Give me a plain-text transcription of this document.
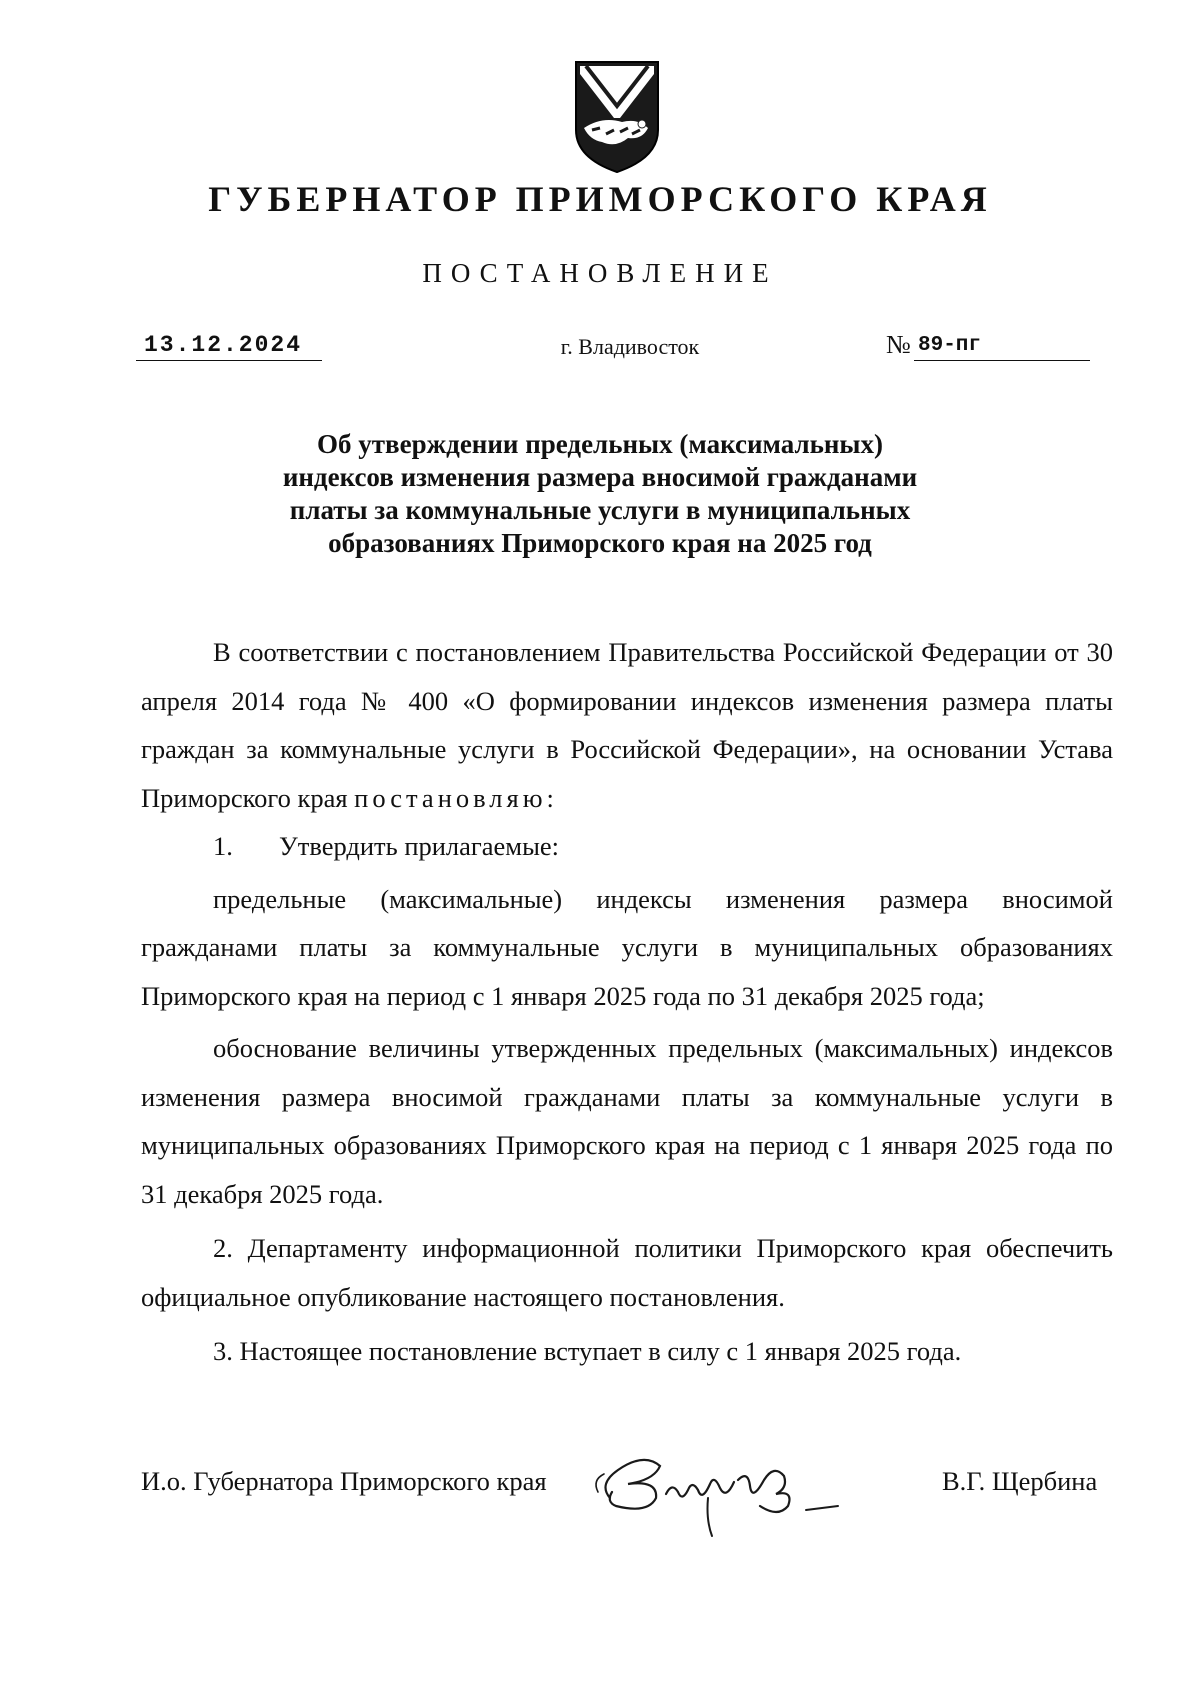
ГУБЕРНАТОР ПРИМОРСКОГО КРАЯ
ПОСТАНОВЛЕНИЕ
13.12.2024	г. Владивосток	№ 89-пг
Об утверждении предельных (максимальных)
индексов изменения размера вносимой гражданами
платы за коммунальные услуги в муниципальных
образованиях Приморского края на 2025 год

В соответствии с постановлением Правительства Российской Федерации от 30 апреля 2014 года № 400 «О формировании индексов изменения размера платы граждан за коммунальные услуги в Российской Федерации», на основании Устава Приморского края постановляю:

1. Утвердить прилагаемые:

предельные (максимальные) индексы изменения размера вносимой гражданами платы за коммунальные услуги в муниципальных образованиях Приморского края на период с 1 января 2025 года по 31 декабря 2025 года;

обоснование величины утвержденных предельных (максимальных) индексов изменения размера вносимой гражданами платы за коммунальные услуги в муниципальных образованиях Приморского края на период с 1 января 2025 года по 31 декабря 2025 года.

2. Департаменту информационной политики Приморского края обеспечить официальное опубликование настоящего постановления.

3. Настоящее постановление вступает в силу с 1 января 2025 года.

И.о. Губернатора Приморского края	В.Г. Щербина
